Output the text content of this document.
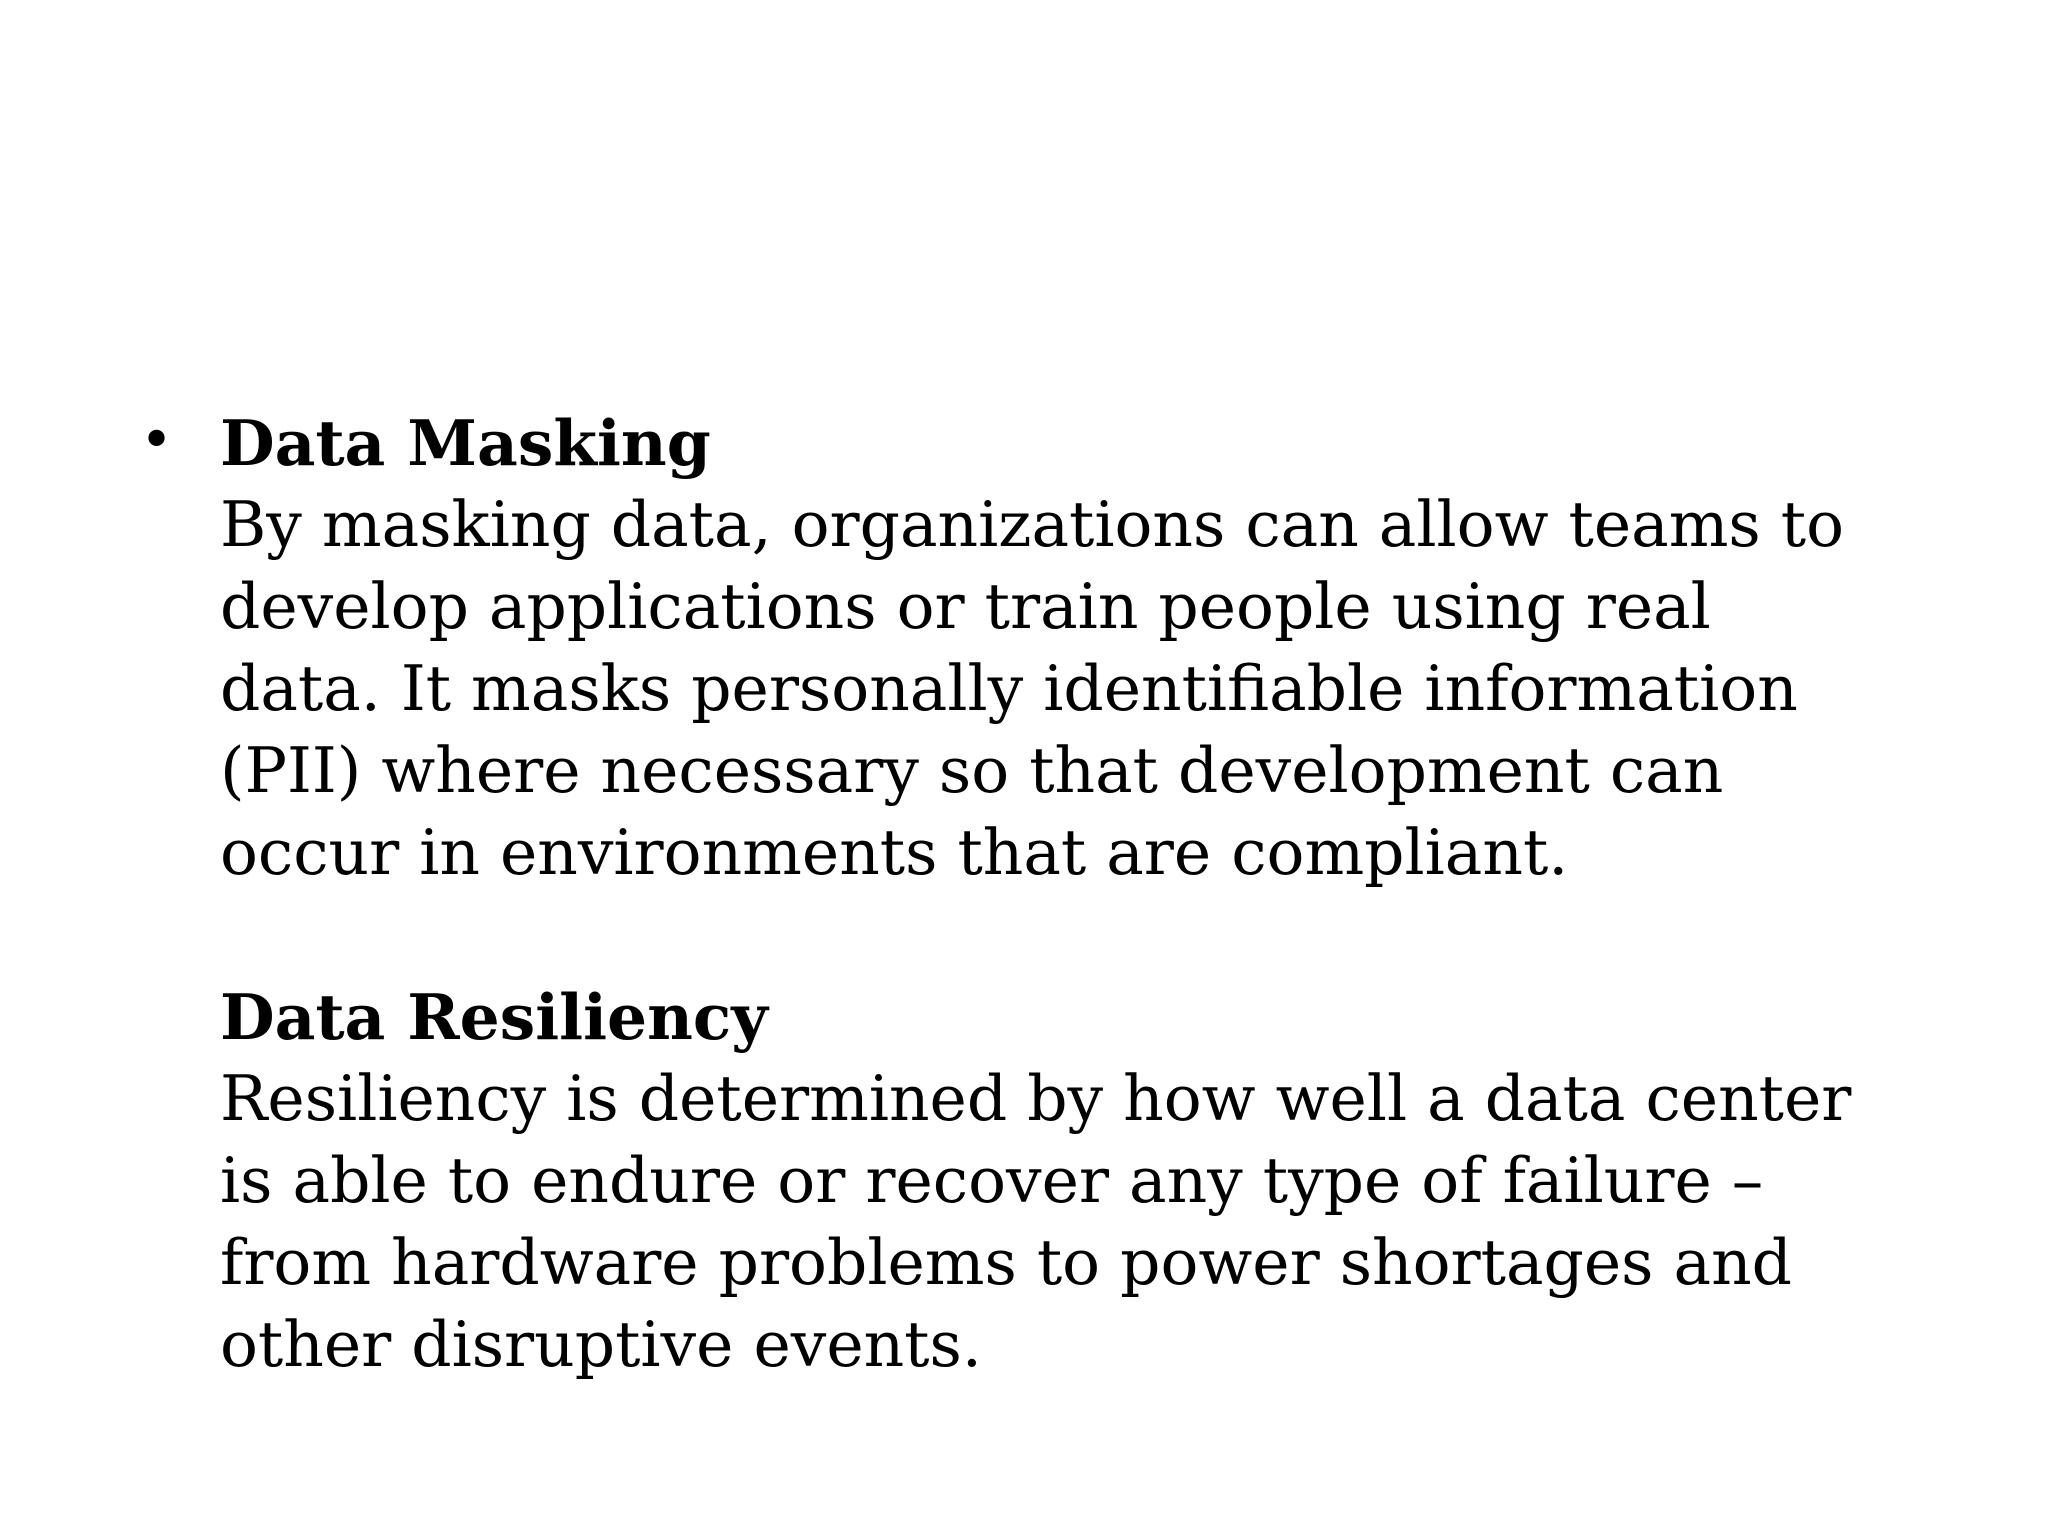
• Data Masking

By masking data, organizations can allow teams to
develop applications or train people using real
data. It masks personally identifiable information
(PII) where necessary so that development can
occur in environments that are compliant.

Data Resiliency

Resiliency is determined by how well a data center
is able to endure or recover any type of failure –
from hardware problems to power shortages and
other disruptive events.
